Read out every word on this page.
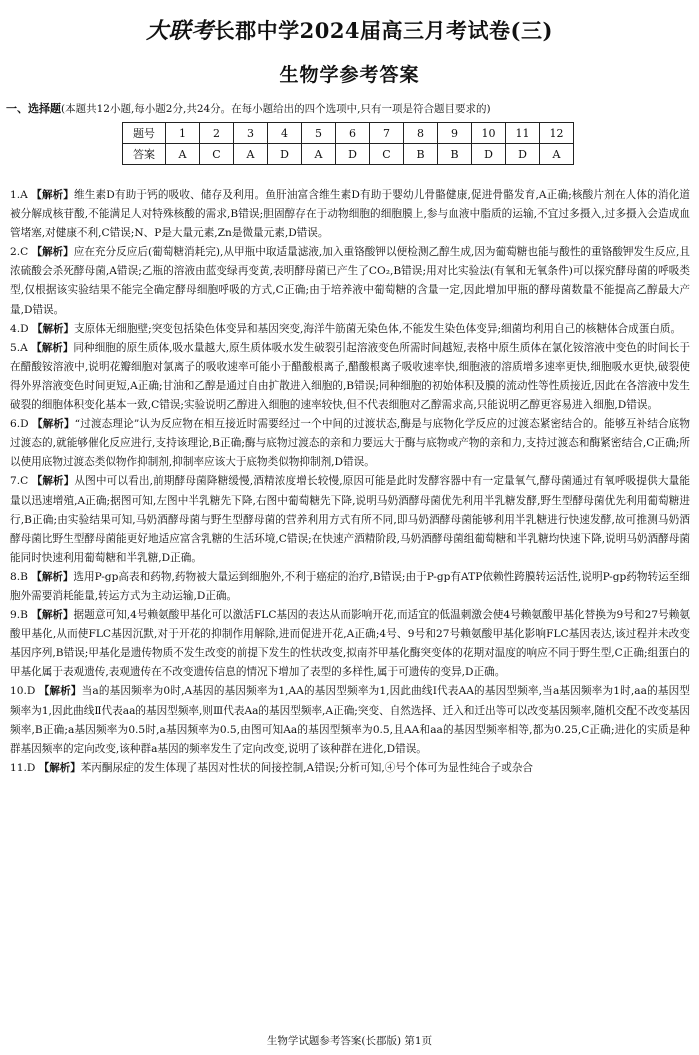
大联考长郡中学2024届高三月考试卷(三)
生物学参考答案
一、选择题(本题共12小题,每小题2分,共24分。在每小题给出的四个选项中,只有一项是符合题目要求的)
题号	1	2	3	4	5	6	7	8	9	10	11	12
答案	A	C	A	D	A	D	C	B	B	D	D	A
1.A 【解析】维生素D有助于钙的吸收、储存及利用。鱼肝油富含维生素D有助于婴幼儿骨骼健康,促进骨骼发育,A正确;核酸片剂在人体的消化道被分解成核苷酸,不能满足人对特殊核酸的需求,B错误;胆固醇存在于动物细胞的细胞膜上,参与血液中脂质的运输,不宜过多摄入,过多摄入会造成血管堵塞,对健康不利,C错误;N、P是大量元素,Zn是微量元素,D错误。
2.C 【解析】应在充分反应后(葡萄糖消耗完),从甲瓶中取适量滤液,加入重铬酸钾以便检测乙醇生成,因为葡萄糖也能与酸性的重铬酸钾发生反应,且浓硫酸会杀死酵母菌,A错误;乙瓶的溶液由蓝变绿再变黄,表明酵母菌已产生了CO₂,B错误;用对比实验法(有氧和无氧条件)可以探究酵母菌的呼吸类型,仅根据该实验结果不能完全确定酵母细胞呼吸的方式,C正确;由于培养液中葡萄糖的含量一定,因此增加甲瓶的酵母菌数量不能提高乙醇最大产量,D错误。
4.D 【解析】支原体无细胞壁;突变包括染色体变异和基因突变,海洋牛筋菌无染色体,不能发生染色体变异;细菌均利用自己的核糖体合成蛋白质。
5.A 【解析】同种细胞的原生质体,吸水量越大,原生质体吸水发生破裂引起溶液变色所需时间越短,表格中原生质体在氯化铵溶液中变色的时间长于在醋酸铵溶液中,说明花瓣细胞对氯离子的吸收速率可能小于醋酸根离子,醋酸根离子吸收速率快,细胞液的溶质增多速率更快,细胞吸水更快,破裂使得外界溶液变色时间更短,A正确;甘油和乙醇是通过自由扩散进入细胞的,B错误;同种细胞的初始体积及膜的流动性等性质接近,因此在各溶液中发生破裂的细胞体积变化基本一致,C错误;实验说明乙醇进入细胞的速率较快,但不代表细胞对乙醇需求高,只能说明乙醇更容易进入细胞,D错误。
6.D 【解析】“过渡态理论”认为反应物在相互接近时需要经过一个中间的过渡状态,酶是与底物化学反应的过渡态紧密结合的。能够互补结合底物过渡态的,就能够催化反应进行,支持该理论,B正确;酶与底物过渡态的亲和力要远大于酶与底物或产物的亲和力,支持过渡态和酶紧密结合,C正确;所以使用底物过渡态类似物作抑制剂,抑制率应该大于底物类似物抑制剂,D错误。
7.C 【解析】从图中可以看出,前期酵母菌降糖缓慢,酒精浓度增长较慢,原因可能是此时发酵容器中有一定量氧气,酵母菌通过有氧呼吸提供大量能量以迅速增殖,A正确;据图可知,左图中半乳糖先下降,右图中葡萄糖先下降,说明马奶酒酵母菌优先利用半乳糖发酵,野生型酵母菌优先利用葡萄糖进行,B正确;由实验结果可知,马奶酒酵母菌与野生型酵母菌的营养利用方式有所不同,即马奶酒酵母菌能够利用半乳糖进行快速发酵,故可推测马奶酒酵母菌比野生型酵母菌能更好地适应富含乳糖的生活环境,C错误;在快速产酒精阶段,马奶酒酵母菌组葡萄糖和半乳糖均快速下降,说明马奶酒酵母菌能同时快速利用葡萄糖和半乳糖,D正确。
8.B 【解析】选用P-gp高表和药物,药物被大量运到细胞外,不利于癌症的治疗,B错误;由于P-gp有ATP依赖性跨膜转运活性,说明P-gp药物转运至细胞外需要消耗能量,转运方式为主动运输,D正确。
9.B 【解析】据题意可知,4号赖氨酸甲基化可以激活FLC基因的表达从而影响开花,而适宜的低温刺激会使4号赖氨酸甲基化替换为9号和27号赖氨酸甲基化,从而使FLC基因沉默,对于开花的抑制作用解除,进而促进开花,A正确;4号、9号和27号赖氨酸甲基化影响FLC基因表达,该过程并未改变基因序列,B错误;甲基化是遗传物质不发生改变的前提下发生的性状改变,拟南芥甲基化酶突变体的花期对温度的响应不同于野生型,C正确;组蛋白的甲基化属于表观遗传,表观遗传在不改变遗传信息的情况下增加了表型的多样性,属于可遗传的变异,D正确。
10.D 【解析】当a的基因频率为0时,A基因的基因频率为1,AA的基因型频率为1,因此曲线Ⅰ代表AA的基因型频率,当a基因频率为1时,aa的基因型频率为1,因此曲线Ⅱ代表aa的基因型频率,则Ⅲ代表Aa的基因型频率,A正确;突变、自然选择、迁入和迁出等可以改变基因频率,随机交配不改变基因频率,B正确;a基因频率为0.5时,a基因频率为0.5,由图可知Aa的基因型频率为0.5,且AA和aa的基因型频率相等,都为0.25,C正确;进化的实质是种群基因频率的定向改变,该种群a基因的频率发生了定向改变,说明了该种群在进化,D错误。
11.D 【解析】苯丙酮尿症的发生体现了基因对性状的间接控制,A错误;分析可知,④号个体可为显性纯合子或杂合
生物学试题参考答案(长郡版) 第1页
